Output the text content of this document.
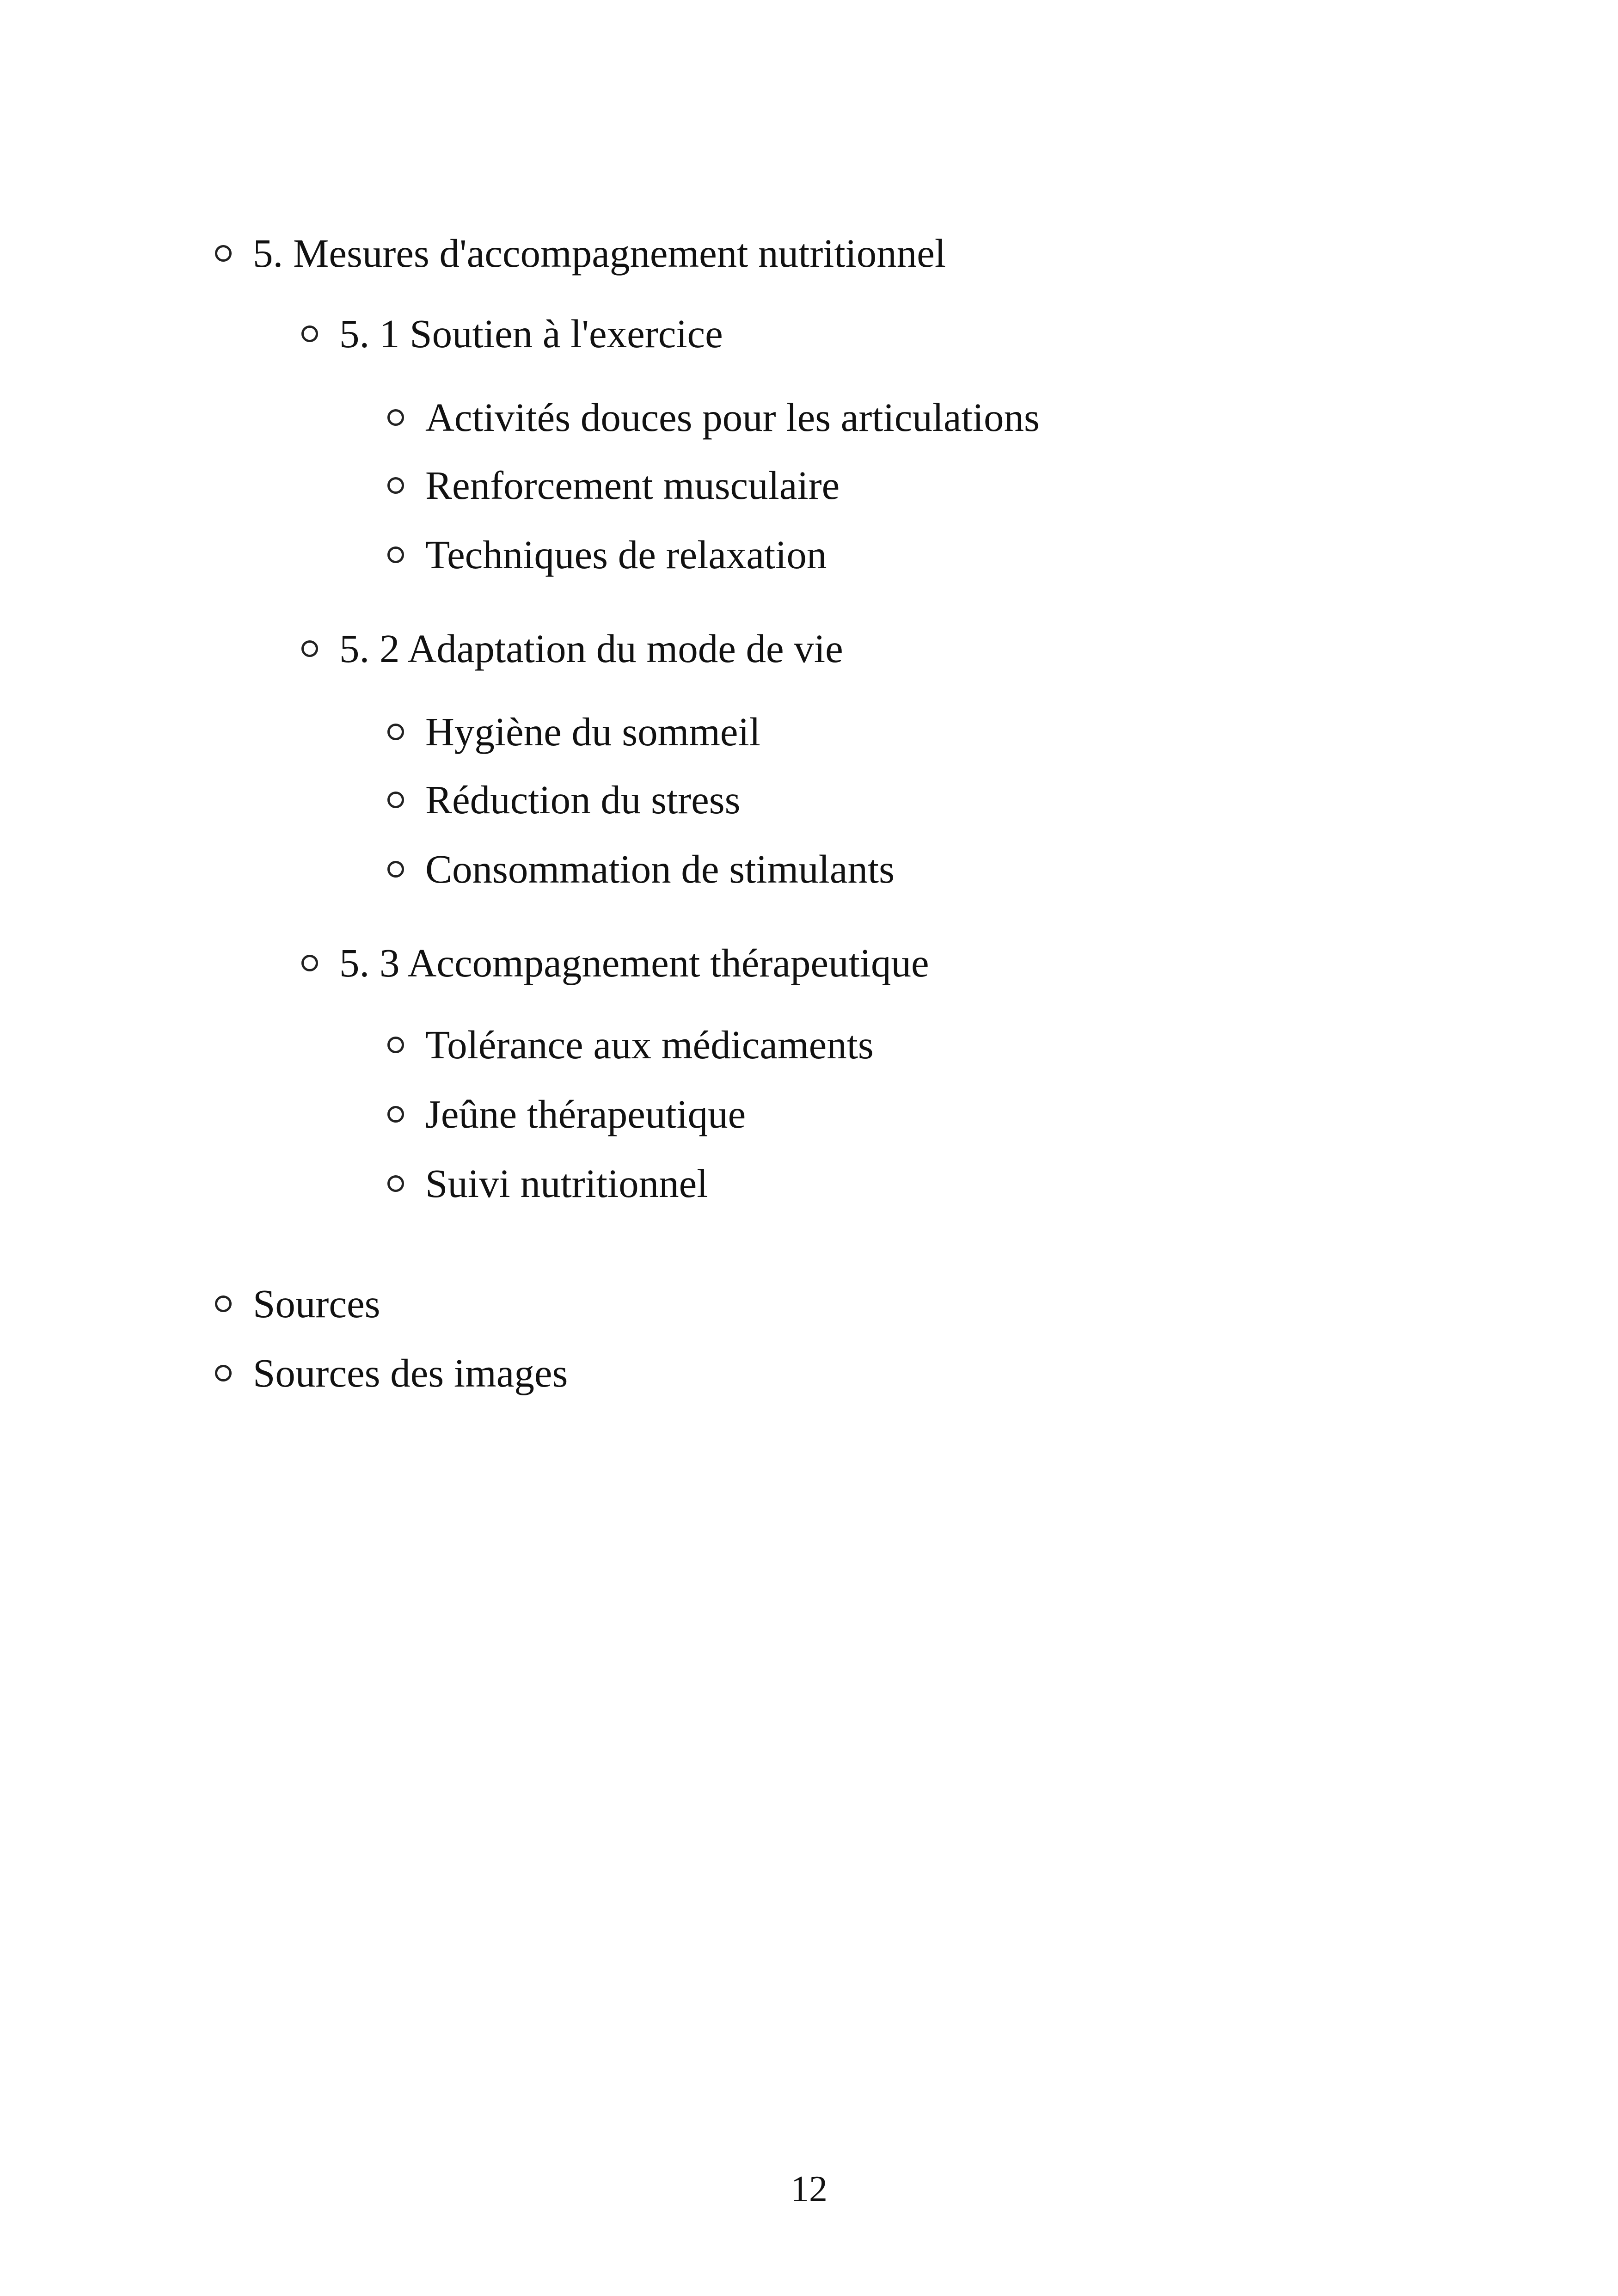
5. Mesures d'accompagnement nutritionnel
5. 1 Soutien à l'exercice
Activités douces pour les articulations
Renforcement musculaire
Techniques de relaxation
5. 2 Adaptation du mode de vie
Hygiène du sommeil
Réduction du stress
Consommation de stimulants
5. 3 Accompagnement thérapeutique
Tolérance aux médicaments
Jeûne thérapeutique
Suivi nutritionnel
Sources
Sources des images
12
